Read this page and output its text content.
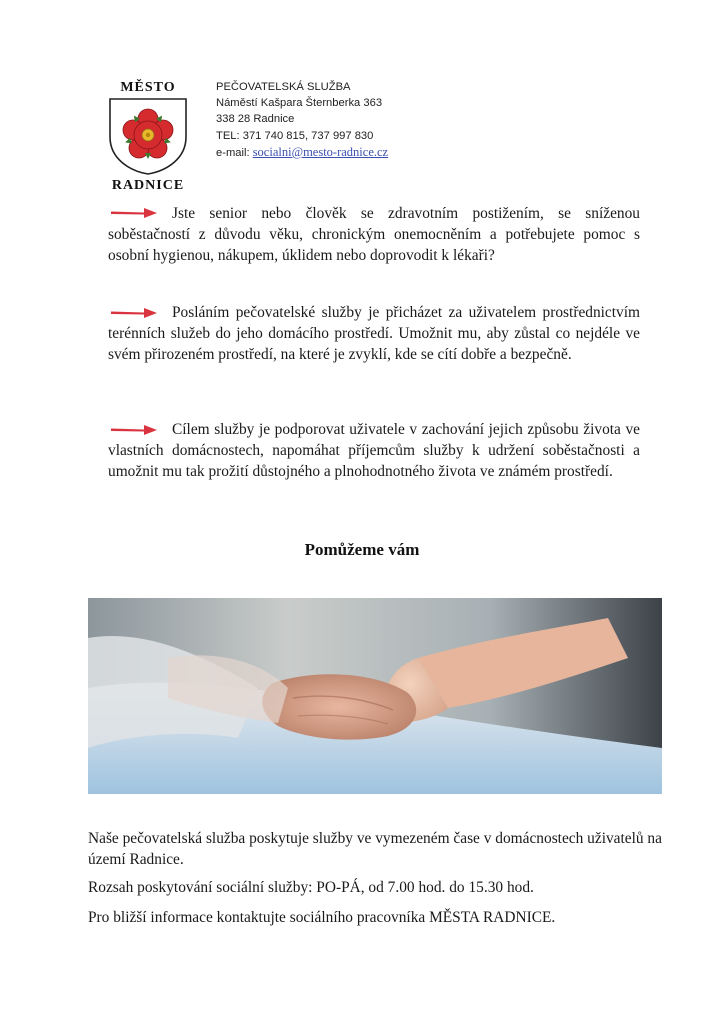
MĚSTO
RADNICE
PEČOVATELSKÁ SLUŽBA
Náměstí Kašpara Šternberka 363
338 28 Radnice
TEL: 371 740 815, 737 997 830
e-mail: socialni@mesto-radnice.cz
Jste senior nebo člověk se zdravotním postižením, se sníženou soběstačností z důvodu věku, chronickým onemocněním a potřebujete pomoc s osobní hygienou, nákupem, úklidem nebo doprovodit k lékaři?
Posláním pečovatelské služby je přicházet za uživatelem prostřednictvím terénních služeb do jeho domácího prostředí. Umožnit mu, aby zůstal co nejdéle ve svém přirozeném prostředí, na které je zvyklí, kde se cítí dobře a bezpečně.
Cílem služby je podporovat uživatele v zachování jejich způsobu života ve vlastních domácnostech, napomáhat příjemcům služby k udržení soběstačnosti a umožnit mu tak prožití důstojného a plnohodnotného života ve známém prostředí.
Pomůžeme vám
Naše pečovatelská služba poskytuje služby ve vymezeném čase v domácnostech uživatelů na území Radnice.
Rozsah poskytování sociální služby: PO-PÁ, od 7.00 hod. do 15.30 hod.
Pro bližší informace kontaktujte sociálního pracovníka MĚSTA RADNICE.
